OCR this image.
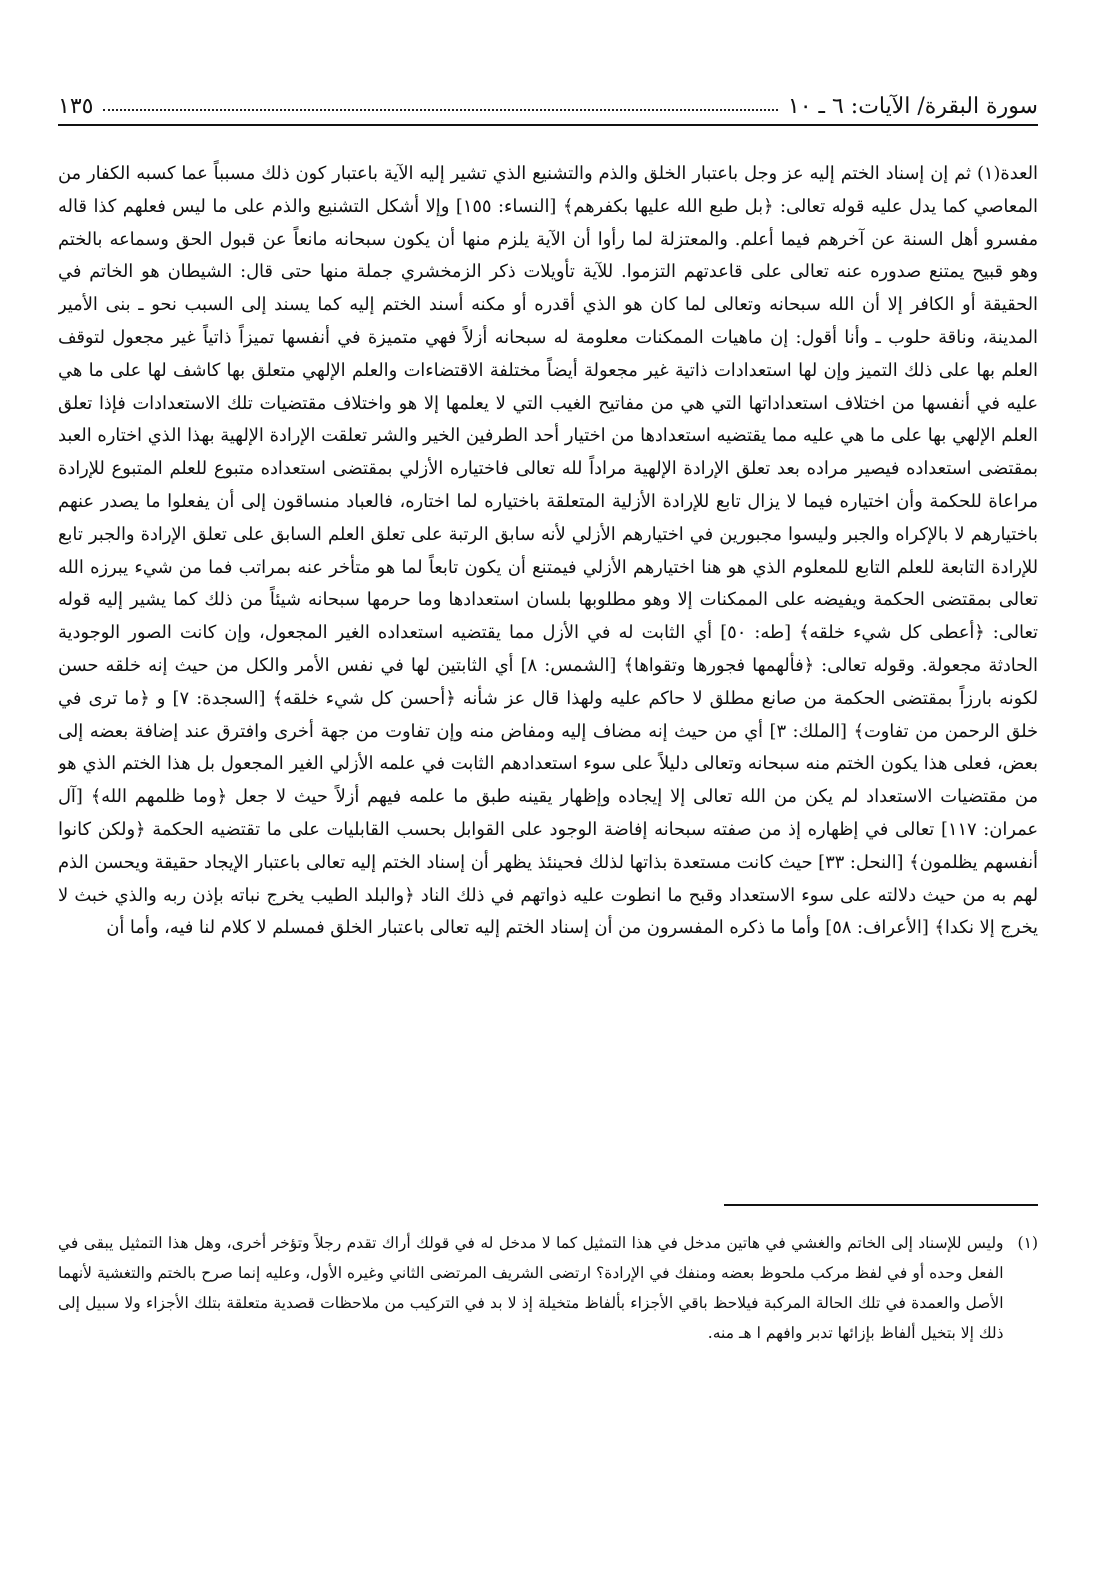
سورة البقرة/ الآيات: ٦ ـ ١٠
١٣٥

العدة(١) ثم إن إسناد الختم إليه عز وجل باعتبار الخلق والذم والتشنيع الذي تشير إليه الآية باعتبار كون ذلك مسبباً عما كسبه الكفار من المعاصي كما يدل عليه قوله تعالى: ﴿بل طبع الله عليها بكفرهم﴾ [النساء: ١٥٥] وإلا أشكل التشنيع والذم على ما ليس فعلهم كذا قاله مفسرو أهل السنة عن آخرهم فيما أعلم. والمعتزلة لما رأوا أن الآية يلزم منها أن يكون سبحانه مانعاً عن قبول الحق وسماعه بالختم وهو قبيح يمتنع صدوره عنه تعالى على قاعدتهم التزموا. للآية تأويلات ذكر الزمخشري جملة منها حتى قال: الشيطان هو الخاتم في الحقيقة أو الكافر إلا أن الله سبحانه وتعالى لما كان هو الذي أقدره أو مكنه أسند الختم إليه كما يسند إلى السبب نحو ـ بنى الأمير المدينة، وناقة حلوب ـ وأنا أقول: إن ماهيات الممكنات معلومة له سبحانه أزلاً فهي متميزة في أنفسها تميزاً ذاتياً غير مجعول لتوقف العلم بها على ذلك التميز وإن لها استعدادات ذاتية غير مجعولة أيضاً مختلفة الاقتضاءات والعلم الإلهي متعلق بها كاشف لها على ما هي عليه في أنفسها من اختلاف استعداداتها التي هي من مفاتيح الغيب التي لا يعلمها إلا هو واختلاف مقتضيات تلك الاستعدادات فإذا تعلق العلم الإلهي بها على ما هي عليه مما يقتضيه استعدادها من اختيار أحد الطرفين الخير والشر تعلقت الإرادة الإلهية بهذا الذي اختاره العبد بمقتضى استعداده فيصير مراده بعد تعلق الإرادة الإلهية مراداً لله تعالى فاختياره الأزلي بمقتضى استعداده متبوع للعلم المتبوع للإرادة مراعاة للحكمة وأن اختياره فيما لا يزال تابع للإرادة الأزلية المتعلقة باختياره لما اختاره، فالعباد منساقون إلى أن يفعلوا ما يصدر عنهم باختيارهم لا بالإكراه والجبر وليسوا مجبورين في اختيارهم الأزلي لأنه سابق الرتبة على تعلق العلم السابق على تعلق الإرادة والجبر تابع للإرادة التابعة للعلم التابع للمعلوم الذي هو هنا اختيارهم الأزلي فيمتنع أن يكون تابعاً لما هو متأخر عنه بمراتب فما من شيء يبرزه الله تعالى بمقتضى الحكمة ويفيضه على الممكنات إلا وهو مطلوبها بلسان استعدادها وما حرمها سبحانه شيئاً من ذلك كما يشير إليه قوله تعالى: ﴿أعطى كل شيء خلقه﴾ [طه: ٥٠] أي الثابت له في الأزل مما يقتضيه استعداده الغير المجعول، وإن كانت الصور الوجودية الحادثة مجعولة. وقوله تعالى: ﴿فألهمها فجورها وتقواها﴾ [الشمس: ٨] أي الثابتين لها في نفس الأمر والكل من حيث إنه خلقه حسن لكونه بارزاً بمقتضى الحكمة من صانع مطلق لا حاكم عليه ولهذا قال عز شأنه ﴿أحسن كل شيء خلقه﴾ [السجدة: ٧] و ﴿ما ترى في خلق الرحمن من تفاوت﴾ [الملك: ٣] أي من حيث إنه مضاف إليه ومفاض منه وإن تفاوت من جهة أخرى وافترق عند إضافة بعضه إلى بعض، فعلى هذا يكون الختم منه سبحانه وتعالى دليلاً على سوء استعدادهم الثابت في علمه الأزلي الغير المجعول بل هذا الختم الذي هو من مقتضيات الاستعداد لم يكن من الله تعالى إلا إيجاده وإظهار يقينه طبق ما علمه فيهم أزلاً حيث لا جعل ﴿وما ظلمهم الله﴾ [آل عمران: ١١٧] تعالى في إظهاره إذ من صفته سبحانه إفاضة الوجود على القوابل بحسب القابليات على ما تقتضيه الحكمة ﴿ولكن كانوا أنفسهم يظلمون﴾ [النحل: ٣٣] حيث كانت مستعدة بذاتها لذلك فحينئذ يظهر أن إسناد الختم إليه تعالى باعتبار الإيجاد حقيقة ويحسن الذم لهم به من حيث دلالته على سوء الاستعداد وقبح ما انطوت عليه ذواتهم في ذلك الناد ﴿والبلد الطيب يخرج نباته بإذن ربه والذي خبث لا يخرج إلا نكدا﴾ [الأعراف: ٥٨] وأما ما ذكره المفسرون من أن إسناد الختم إليه تعالى باعتبار الخلق فمسلم لا كلام لنا فيه، وأما أن

(١)
وليس للإسناد إلى الخاتم والغشي في هاتين مدخل في هذا التمثيل كما لا مدخل له في قولك أراك تقدم رجلاً وتؤخر أخرى، وهل هذا التمثيل يبقى في الفعل وحده أو في لفظ مركب ملحوظ بعضه ومنفك في الإرادة؟ ارتضى الشريف المرتضى الثاني وغيره الأول، وعليه إنما صرح بالختم والتغشية لأنهما الأصل والعمدة في تلك الحالة المركبة فيلاحظ باقي الأجزاء بألفاظ متخيلة إذ لا بد في التركيب من ملاحظات قصدية متعلقة بتلك الأجزاء ولا سبيل إلى ذلك إلا بتخيل ألفاظ بإزائها تدبر وافهم ا هـ منه.
